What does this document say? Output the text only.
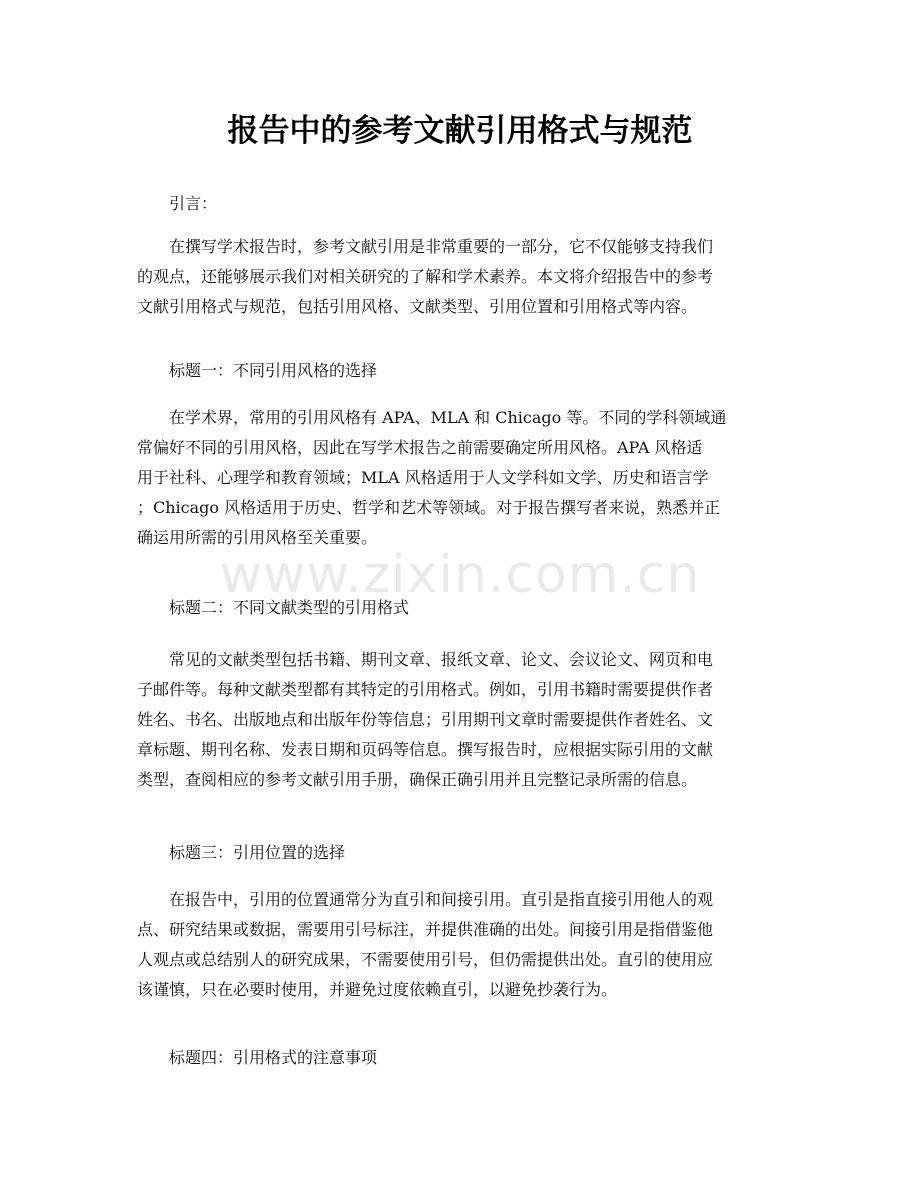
报告中的参考文献引用格式与规范

引言：

在撰写学术报告时，参考文献引用是非常重要的一部分，它不仅能够支持我们
的观点，还能够展示我们对相关研究的了解和学术素养。本文将介绍报告中的参考
文献引用格式与规范，包括引用风格、文献类型、引用位置和引用格式等内容。

标题一：不同引用风格的选择

在学术界，常用的引用风格有 APA、MLA 和 Chicago 等。不同的学科领域通
常偏好不同的引用风格，因此在写学术报告之前需要确定所用风格。APA 风格适
用于社科、心理学和教育领域；MLA 风格适用于人文学科如文学、历史和语言学
；Chicago 风格适用于历史、哲学和艺术等领域。对于报告撰写者来说，熟悉并正
确运用所需的引用风格至关重要。

标题二：不同文献类型的引用格式

常见的文献类型包括书籍、期刊文章、报纸文章、论文、会议论文、网页和电
子邮件等。每种文献类型都有其特定的引用格式。例如，引用书籍时需要提供作者
姓名、书名、出版地点和出版年份等信息；引用期刊文章时需要提供作者姓名、文
章标题、期刊名称、发表日期和页码等信息。撰写报告时，应根据实际引用的文献
类型，查阅相应的参考文献引用手册，确保正确引用并且完整记录所需的信息。

标题三：引用位置的选择

在报告中，引用的位置通常分为直引和间接引用。直引是指直接引用他人的观
点、研究结果或数据，需要用引号标注，并提供准确的出处。间接引用是指借鉴他
人观点或总结别人的研究成果，不需要使用引号，但仍需提供出处。直引的使用应
该谨慎，只在必要时使用，并避免过度依赖直引，以避免抄袭行为。

标题四：引用格式的注意事项

www.zixin.com.cn
